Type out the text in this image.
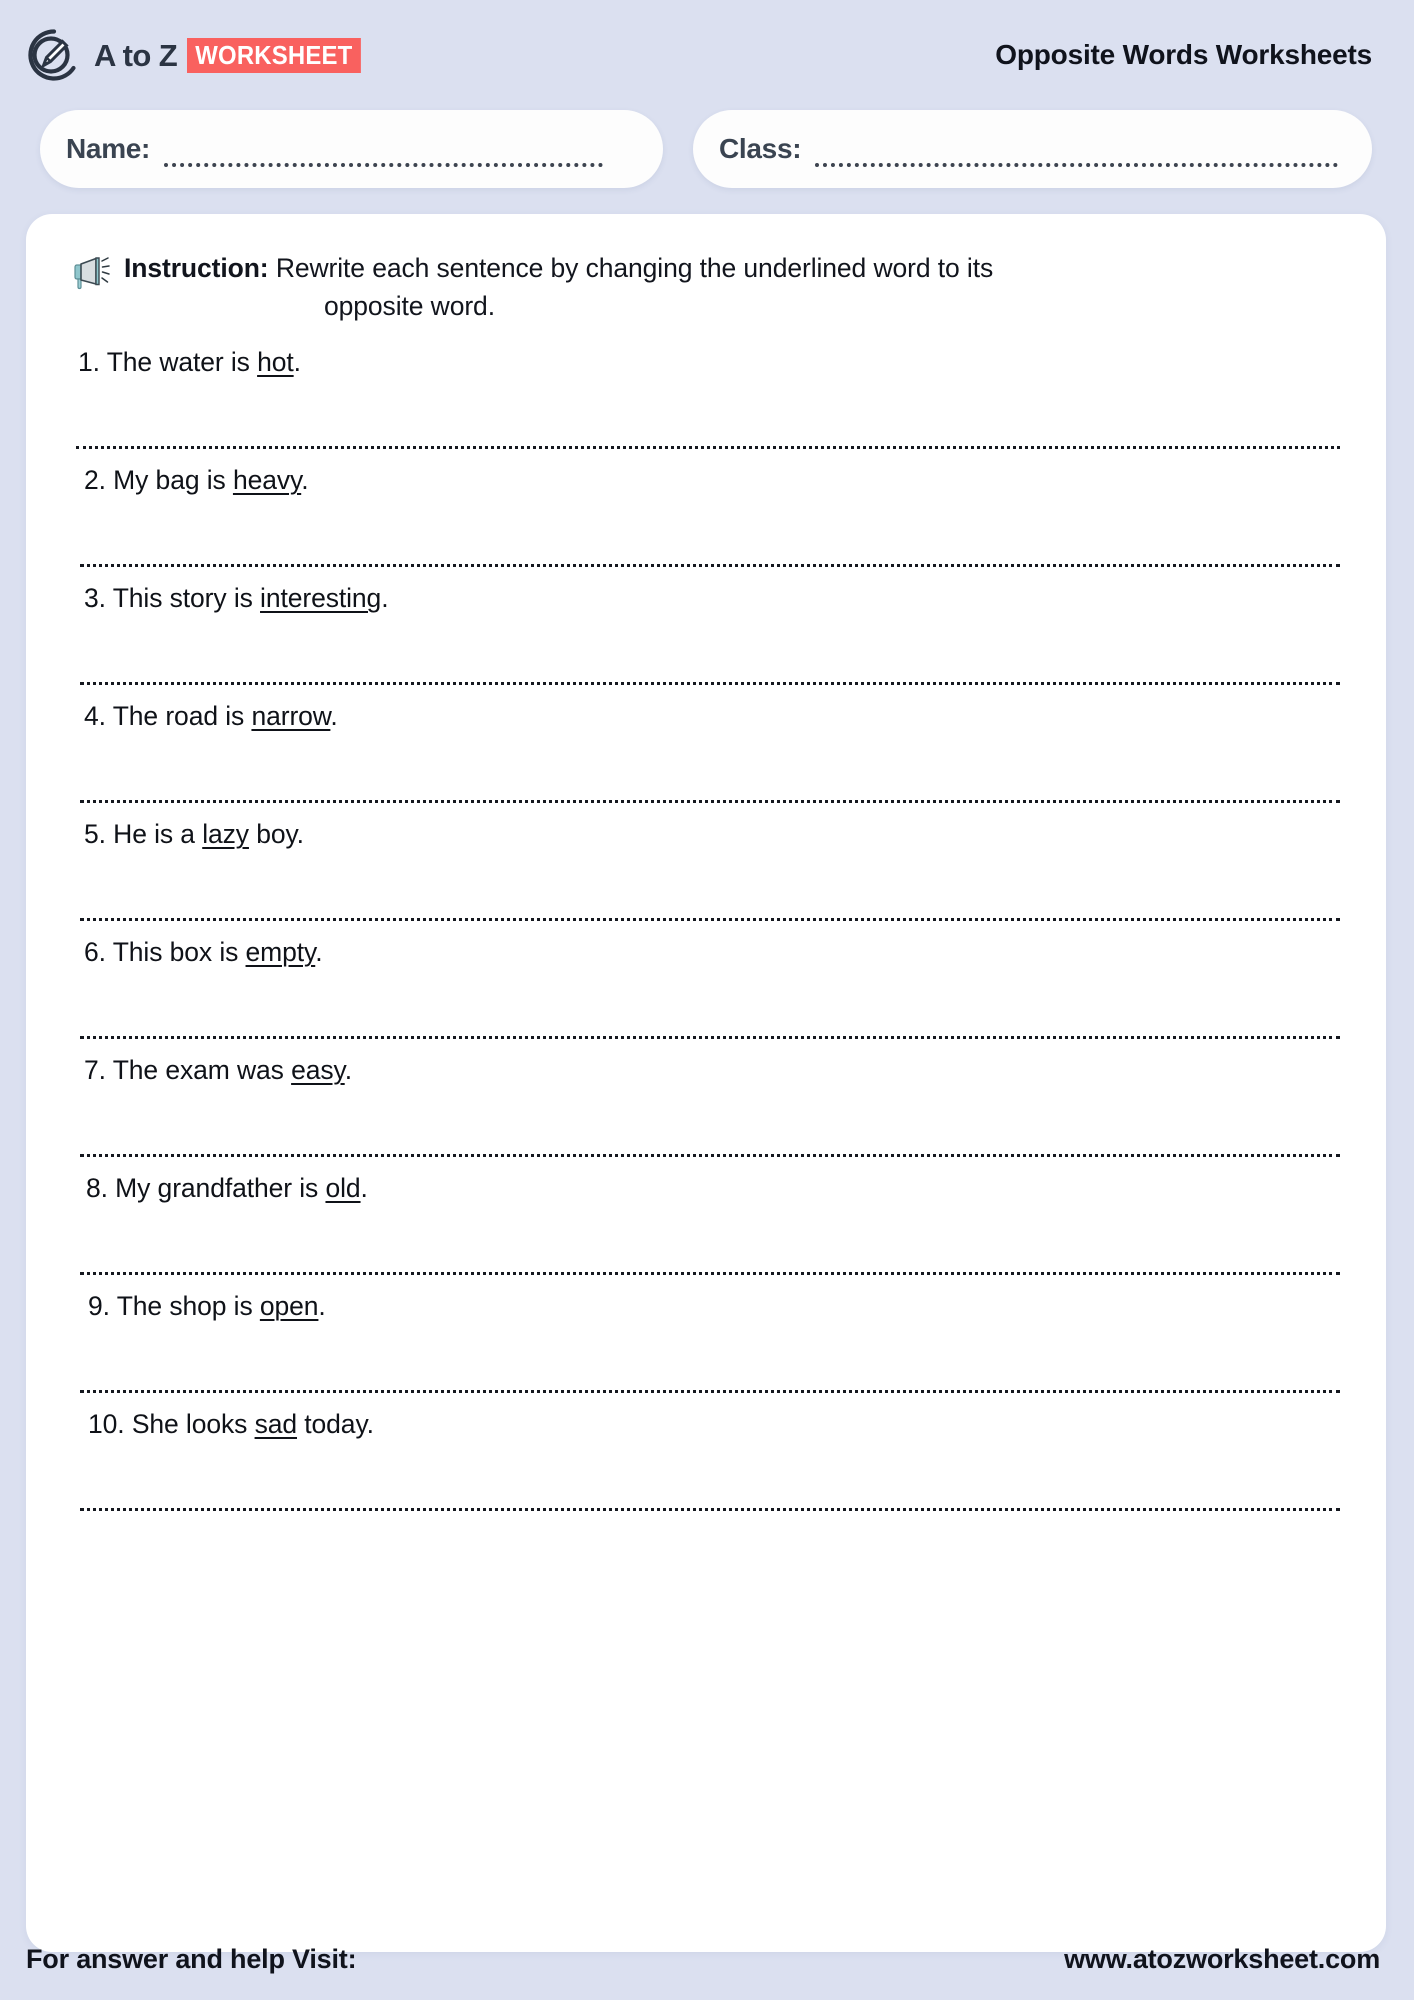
A to Z WORKSHEET	Opposite Words Worksheets
Name:	Class:
Instruction: Rewrite each sentence by changing the underlined word to its
opposite word.
1. The water is hot.
2. My bag is heavy.
3. This story is interesting.
4. The road is narrow.
5. He is a lazy boy.
6. This box is empty.
7. The exam was easy.
8. My grandfather is old.
9. The shop is open.
10. She looks sad today.
For answer and help Visit:	www.atozworksheet.com
